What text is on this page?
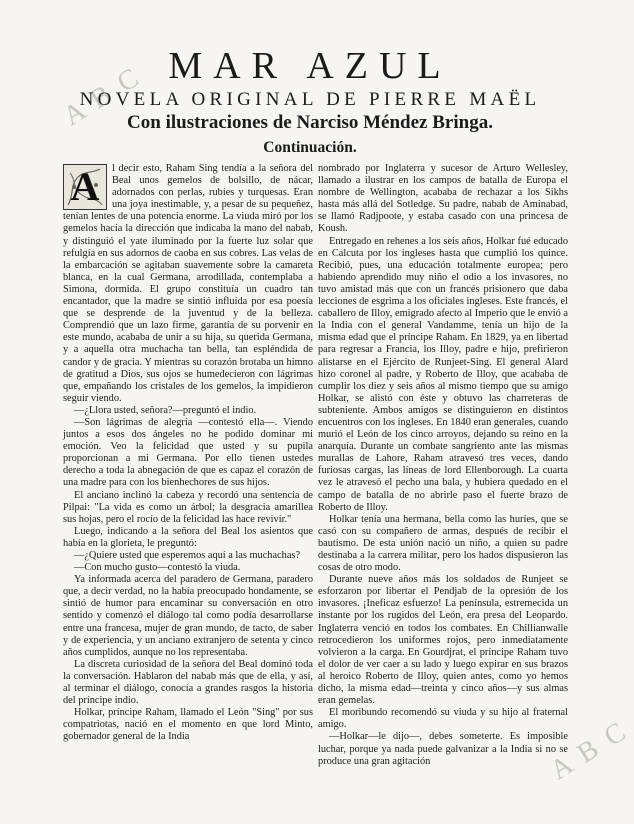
A B C
A B C
MAR AZUL
NOVELA ORIGINAL DE PIERRE MAËL
Con ilustraciones de Narciso Méndez Bringa.
Continuación.
A	l decir esto, Raham Sing tendía a la señora del Beal unos gemelos de bolsillo, de nácar, adornados con perlas, rubíes y turquesas. Eran una joya inestimable, y, a pesar de su pequeñez, tenían lentes de una potencia enorme. La viuda miró por los gemelos hacia la dirección que indicaba la mano del nabab, y distinguió el yate iluminado por la fuerte luz solar que refulgía en sus adornos de caoba en sus cobres. Las velas de la embarcación se agitaban suavemente sobre la camareta blanca, en la cual Germana, arrodillada, contemplaba a Simona, dormida. El grupo constituía un cuadro tan encantador, que la madre se sintió influída por esa poesía que se desprende de la juventud y de la belleza. Comprendió que un lazo firme, garantía de su porvenir en este mundo, acababa de unir a su hija, su querida Germana, y a aquella otra muchacha tan bella, tan espléndida de candor y de gracia. Y mientras su corazón brotaba un himno de gratitud a Dios, sus ojos se humedecieron con lágrimas que, empañando los cristales de los gemelos, la impidieron seguir viendo.

—¿Llora usted, señora?—preguntó el indio.

—Son lágrimas de alegría —contestó ella—. Viendo juntos a esos dos ángeles no he podido dominar mi emoción. Veo la felicidad que usted y su pupila proporcionan a mi Germana. Por ello tienen ustedes derecho a toda la abnegación de que es capaz el corazón de una madre para con los bienhechores de sus hijos.

El anciano inclinó la cabeza y recordó una sentencia de Pilpai: "La vida es como un árbol; la desgracia amarillea sus hojas, pero el rocío de la felicidad las hace revivir."

Luego, indicando a la señora del Beal los asientos que había en la glorieta, le preguntó:

—¿Quiere usted que esperemos aquí a las muchachas?

—Con mucho gusto—contestó la viuda.

Ya informada acerca del paradero de Germana, paradero que, a decir verdad, no la había preocupado hondamente, se sintió de humor para encaminar su conversación en otro sentido y comenzó el diálogo tal como podía desarrollarse entre una francesa, mujer de gran mundo, de tacto, de saber y de experiencia, y un anciano extranjero de setenta y cinco años cumplidos, aunque no los representaba.

La discreta curiosidad de la señora del Beal dominó toda la conversación. Hablaron del nabab más que de ella, y así, al terminar el diálogo, conocía a grandes rasgos la historia del príncipe indio.

Holkar, príncipe Raham, llamado el León "Sing" por sus compatriotas, nació en el momento en que lord Minto, gobernador general de la India

nombrado por Inglaterra y sucesor de Arturo Wellesley, llamado a ilustrar en los campos de batalla de Europa el nombre de Wellington, acababa de rechazar a los Sikhs hasta más allá del Sotledge. Su padre, nabab de Aminabad, se llamó Radjpoote, y estaba casado con una princesa de Koush.

Entregado en rehenes a los seis años, Holkar fué educado en Calcuta por los ingleses hasta que cumplió los quince. Recibió, pues, una educación totalmente europea; pero habiendo aprendido muy niño el odio a los invasores, no tuvo amistad más que con un francés prisionero que daba lecciones de esgrima a los oficiales ingleses. Este francés, el caballero de Illoy, emigrado afecto al Imperio que le envió a la India con el general Vandamme, tenía un hijo de la misma edad que el príncipe Raham. En 1829, ya en libertad para regresar a Francia, los Illoy, padre e hijo, prefirieron alistarse en el Ejército de Runjeet-Sing. El general Alard hizo coronel al padre, y Roberto de Illoy, que acababa de cumplir los diez y seis años al mismo tiempo que su amigo Holkar, se alistó con éste y obtuvo las charreteras de subteniente. Ambos amigos se distinguieron en distintos encuentros con los ingleses. En 1840 eran generales, cuando murió el León de los cinco arroyos, dejando su reino en la anarquía. Durante un combate sangriento ante las mismas murallas de Lahore, Raham atravesó tres veces, dando furiosas cargas, las líneas de lord Ellenborough. La cuarta vez le atravesó el pecho una bala, y hubiera quedado en el campo de batalla de no abrirle paso el fuerte brazo de Roberto de Illoy.

Holkar tenía una hermana, bella como las huríes, que se casó con su compañero de armas, después de recibir el bautismo. De esta unión nació un niño, a quien su padre destinaba a la carrera militar, pero los hados dispusieron las cosas de otro modo.

Durante nueve años más los soldados de Runjeet se esforzaron por libertar el Pendjab de la opresión de los invasores. ¡Ineficaz esfuerzo! La península, estremecida un instante por los rugidos del León, era presa del Leopardo. Inglaterra venció en todos los combates. En Chillianwalle retrocedieron los uniformes rojos, pero inmediatamente volvieron a la carga. En Gourdjrat, el príncipe Raham tuvo el dolor de ver caer a su lado y luego expirar en sus brazos al heroico Roberto de Illoy, quien antes, como yo hemos dicho, la misma edad—treinta y cinco años—y sus almas eran gemelas.

El moribundo recomendó su viuda y su hijo al fraternal amigo.

—Holkar—le dijo—, debes someterte. Es imposible luchar, porque ya nada puede galvanizar a la India si no se produce una gran agitación
